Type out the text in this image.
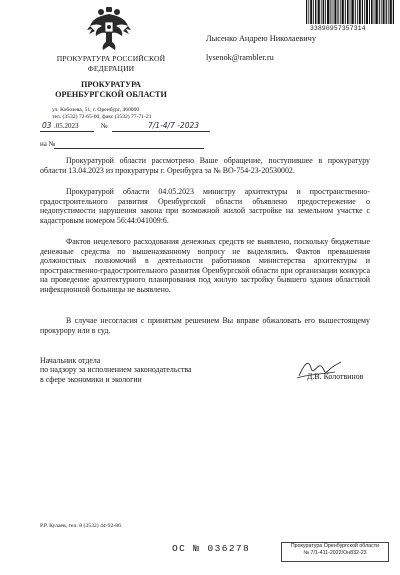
ПРОКУРАТУРА РОССИЙСКОЙ
ФЕДЕРАЦИИ
ПРОКУРАТУРА
ОРЕНБУРГСКОЙ ОБЛАСТИ
ул. Кобозева, 51, г. Оренбург, 460000
тел. (3532) 72-65-00, факс (3532) 77-71-21
03 .05.2023	№	7/1-4/7 -2023
на №
Лысенко Андрею Николаевичу
lysenok@rambler.ru
33890957357314
Прокуратурой области рассмотрено Ваше обращение, поступившее в прокуратуру области 13.04.2023 из прокуратуры г. Оренбурга за № ВО-754-23-20530002.
Прокуратурой области 04.05.2023 министру архитектуры и пространственно-градостроительного развития Оренбургской области объявлено предостережение о недопустимости нарушения закона при возможной жилой застройке на земельном участке с кадастровым номером 56:44:041009:6.
Фактов нецелевого расходования денежных средств не выявлено, поскольку бюджетные денежные средства по вышеназванному вопросу не выделялись. Фактов превышения должностных полномочий в деятельности работников министерства архитектуры и пространственно-градостроительного развития Оренбургской области при организации конкурса на проведение архитектурного планирования под жилую застройку бывшего здания областной инфекционной больницы не выявлено.
В случае несогласия с принятым решением Вы вправе обжаловать его вышестоящему прокурору или в суд.
Начальник отдела
по надзору за исполнением законодательства
в сфере экономики и экологии	Д.В. Колотвинов
Р.Р. Кулаев, тел. 8 (3532) 44-92-86
ОС № 036278	Прокуратура Оренбургской области
№ 7/1-411-2022/Он832-23
